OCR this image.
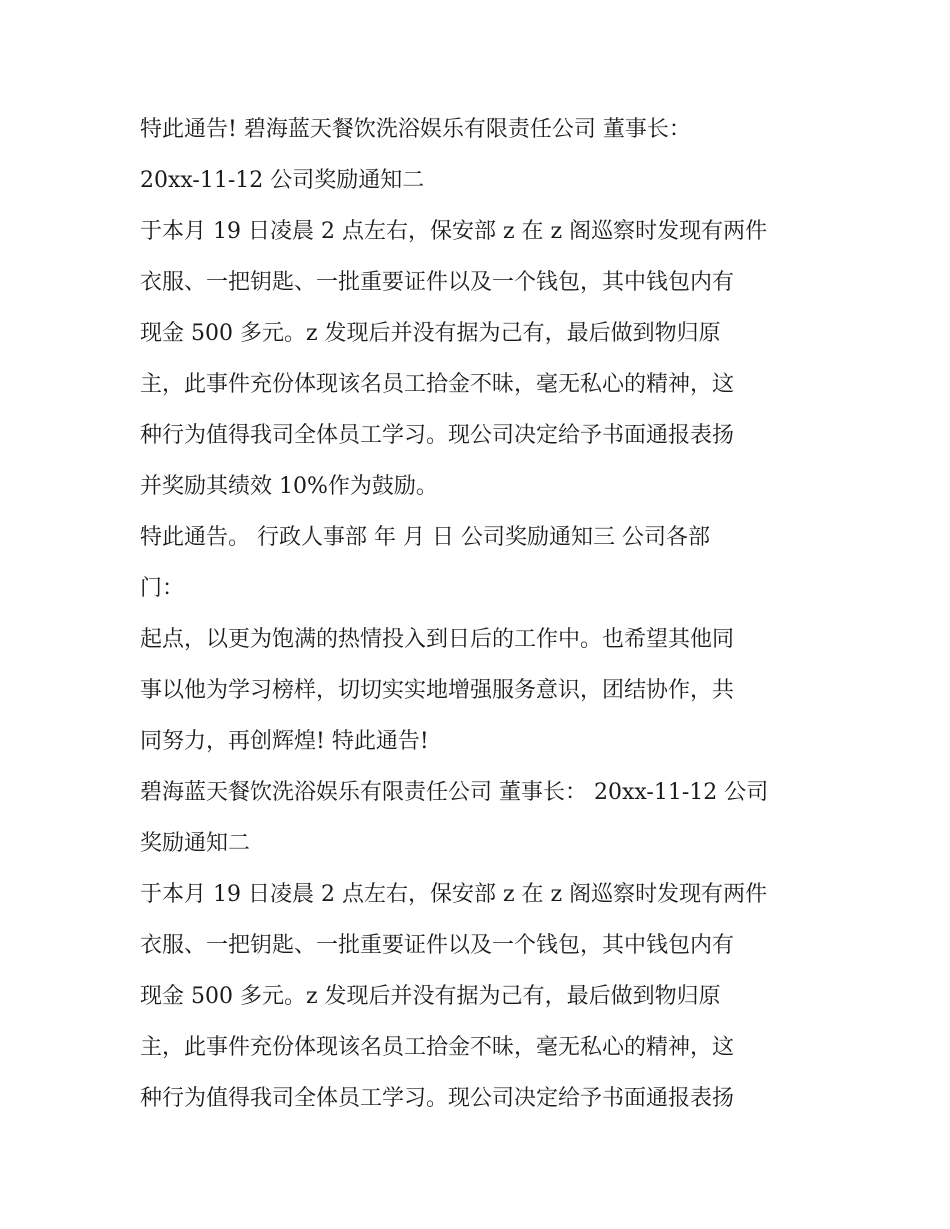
特此通告! 碧海蓝天餐饮洗浴娱乐有限责任公司 董事长：
20xx-11-12 公司奖励通知二
于本月 19 日凌晨 2 点左右，保安部 z 在 z 阁巡察时发现有两件
衣服、一把钥匙、一批重要证件以及一个钱包，其中钱包内有
现金 500 多元。z 发现后并没有据为己有，最后做到物归原
主，此事件充份体现该名员工拾金不昧，毫无私心的精神，这
种行为值得我司全体员工学习。现公司决定给予书面通报表扬
并奖励其绩效 10%作为鼓励。
特此通告。 行政人事部 年 月 日 公司奖励通知三 公司各部
门：
起点，以更为饱满的热情投入到日后的工作中。也希望其他同
事以他为学习榜样，切切实实地增强服务意识，团结协作，共
同努力，再创辉煌! 特此通告!
碧海蓝天餐饮洗浴娱乐有限责任公司 董事长： 20xx-11-12 公司
奖励通知二
于本月 19 日凌晨 2 点左右，保安部 z 在 z 阁巡察时发现有两件
衣服、一把钥匙、一批重要证件以及一个钱包，其中钱包内有
现金 500 多元。z 发现后并没有据为己有，最后做到物归原
主，此事件充份体现该名员工拾金不昧，毫无私心的精神，这
种行为值得我司全体员工学习。现公司决定给予书面通报表扬
